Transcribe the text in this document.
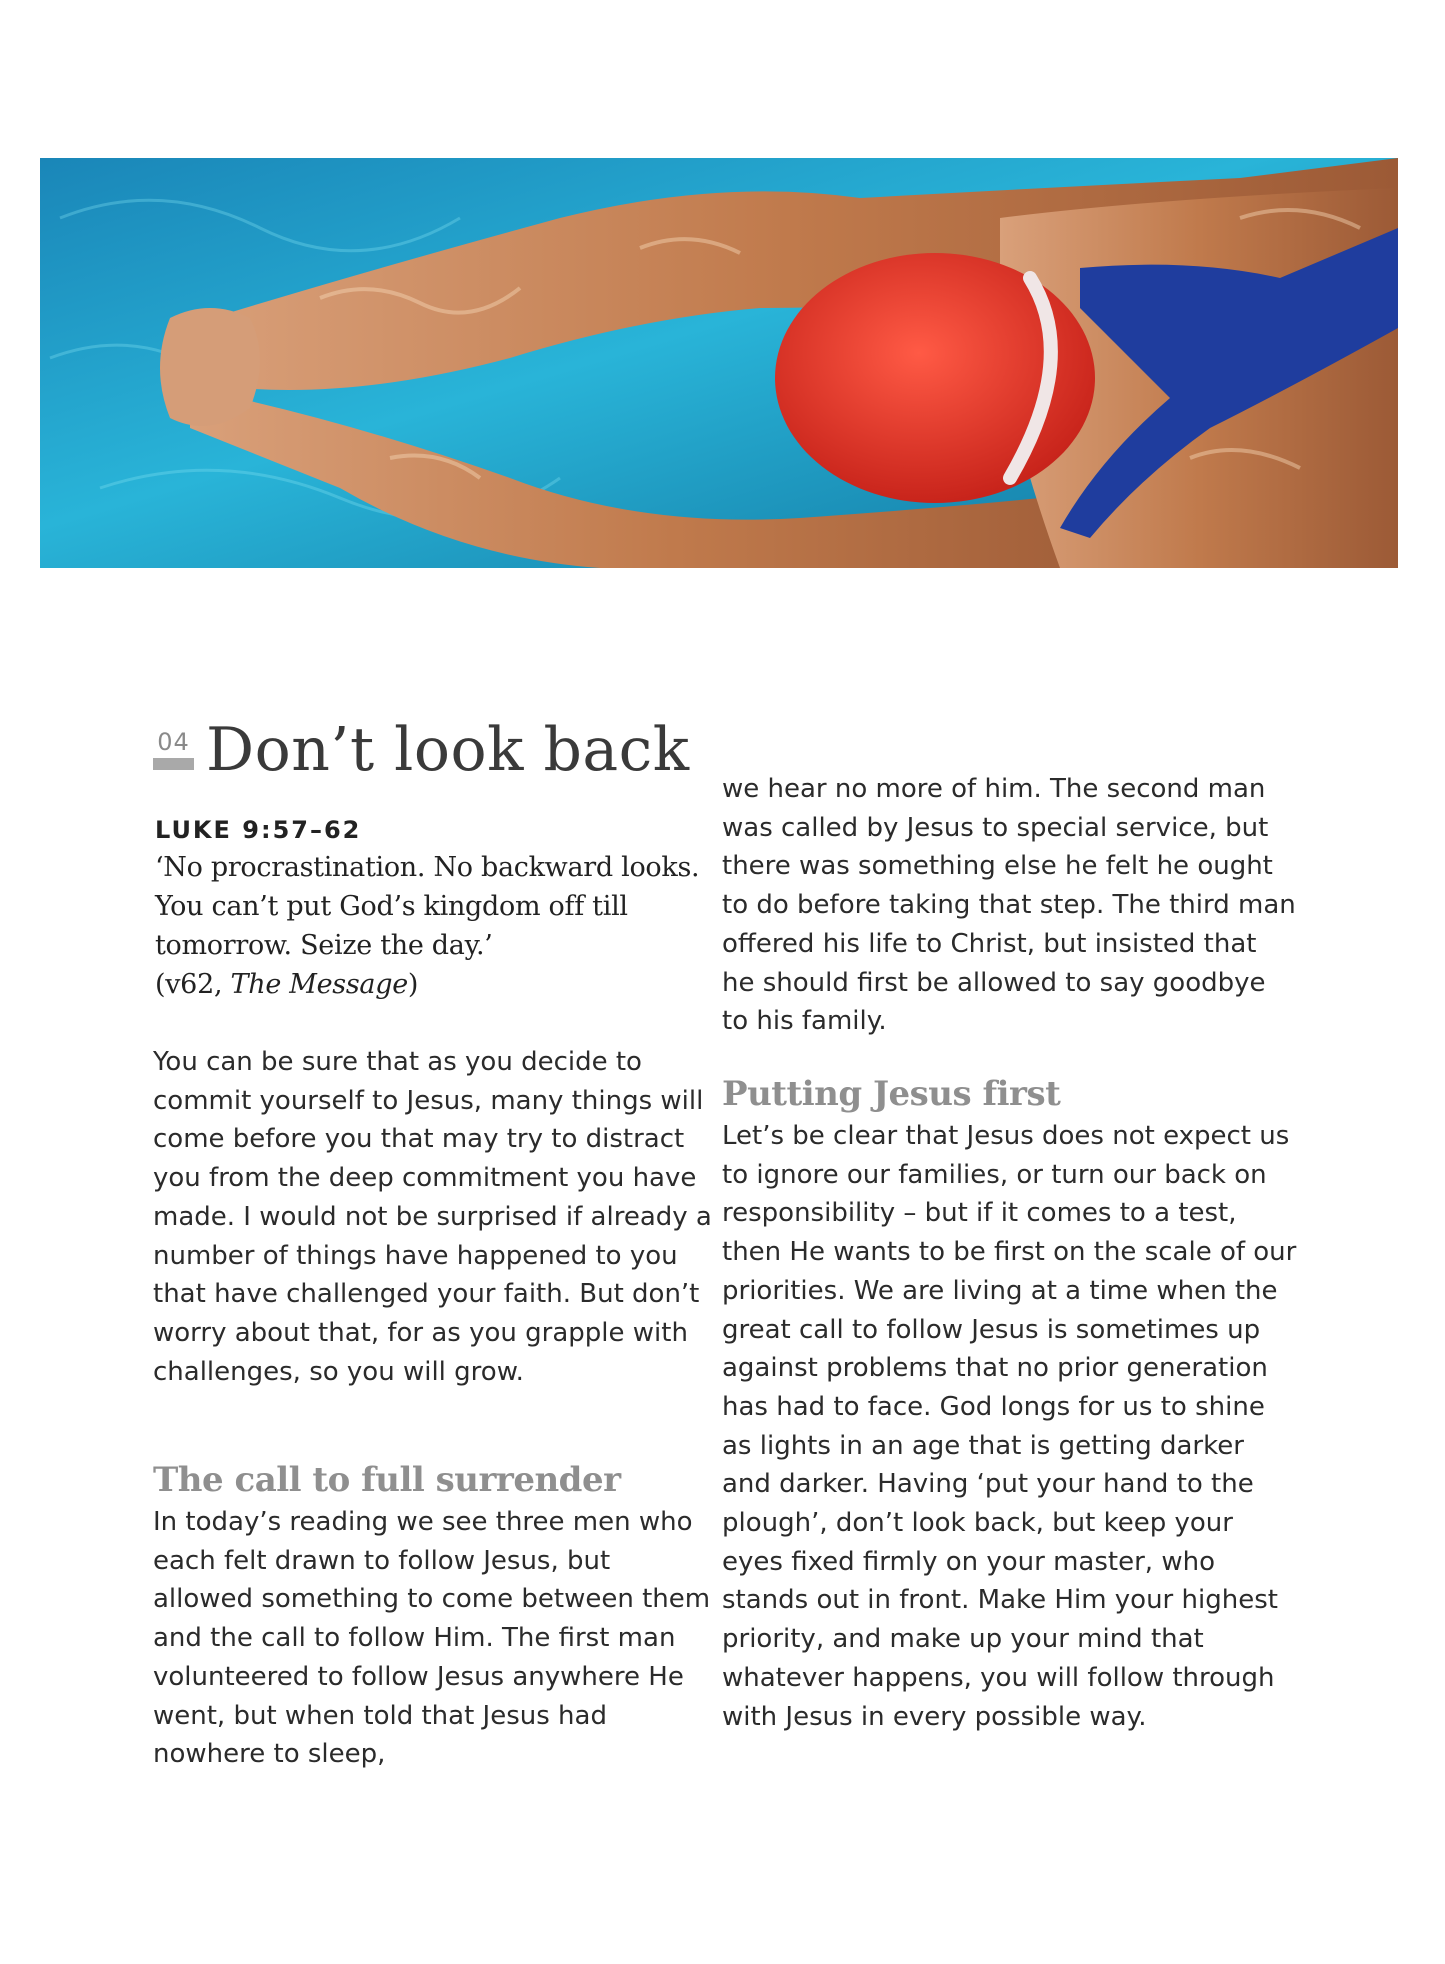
04 Don’t look back
LUKE 9:57–62

‘No procrastination. No backward looks. You can’t put God’s kingdom off till tomorrow. Seize the day.’
(v62, The Message)

You can be sure that as you decide to commit yourself to Jesus, many things will come before you that may try to distract you from the deep commitment you have made. I would not be surprised if already a number of things have happened to you that have challenged your faith. But don’t worry about that, for as you grapple with challenges, so you will grow.

The call to full surrender

In today’s reading we see three men who each felt drawn to follow Jesus, but allowed something to come between them and the call to follow Him. The first man volunteered to follow Jesus anywhere He went, but when told that Jesus had nowhere to sleep,

we hear no more of him. The second man was called by Jesus to special service, but there was something else he felt he ought to do before taking that step. The third man offered his life to Christ, but insisted that he should first be allowed to say goodbye to his family.

Putting Jesus first

Let’s be clear that Jesus does not expect us to ignore our families, or turn our back on responsibility – but if it comes to a test, then He wants to be first on the scale of our priorities. We are living at a time when the great call to follow Jesus is sometimes up against problems that no prior generation has had to face. God longs for us to shine as lights in an age that is getting darker and darker. Having ‘put your hand to the plough’, don’t look back, but keep your eyes fixed firmly on your master, who stands out in front. Make Him your highest priority, and make up your mind that whatever happens, you will follow through with Jesus in every possible way.
